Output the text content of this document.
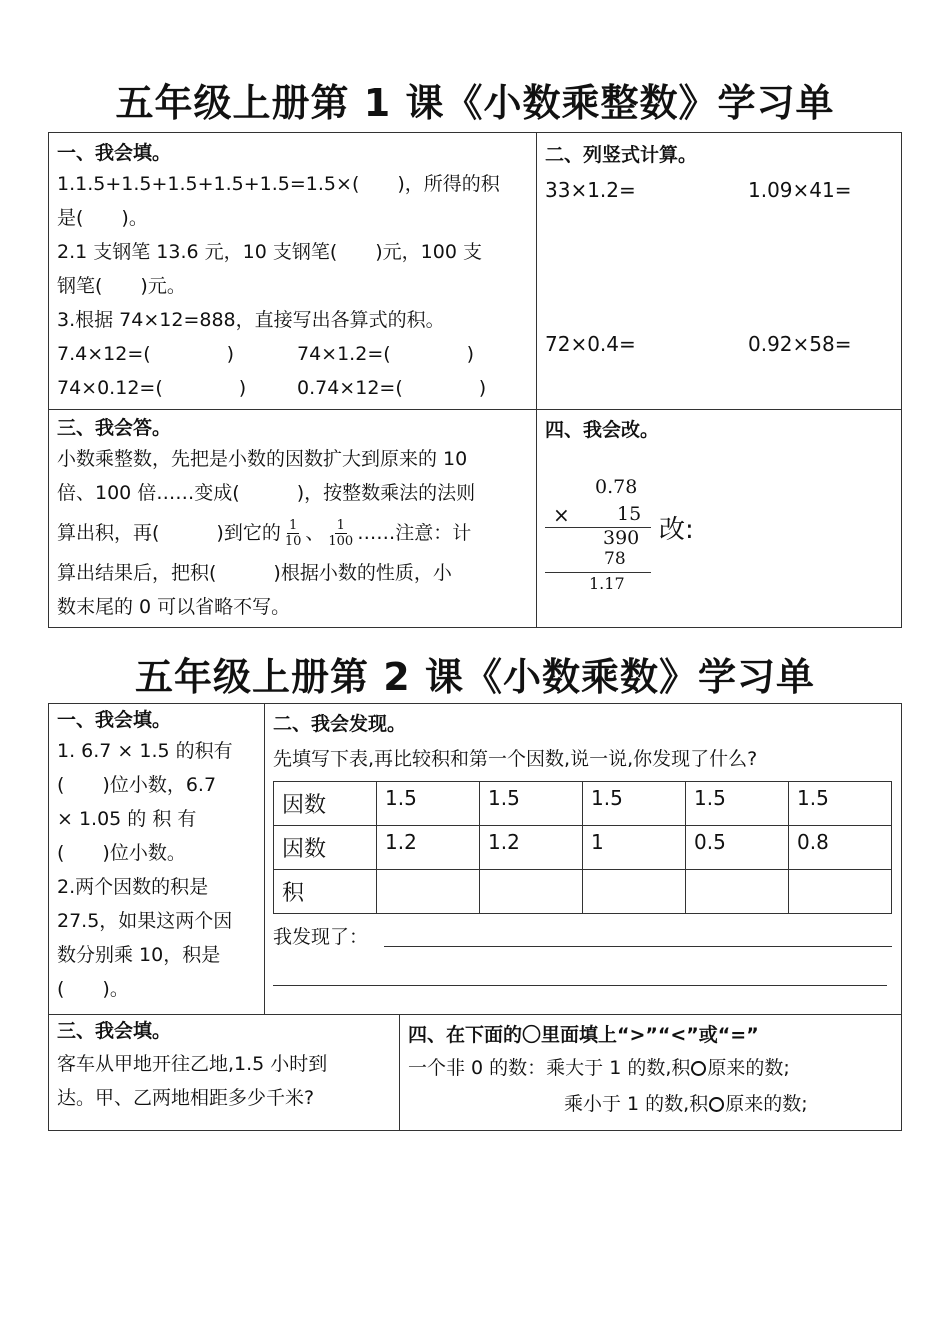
五年级上册第 1 课《小数乘整数》学习单
一、我会填。
1.1.5+1.5+1.5+1.5+1.5=1.5×(　　)，所得的积
是(　　)。
2.1 支钢笔 13.6 元，10 支钢笔(　　)元，100 支
钢笔(　　)元。
3.根据 74×12=888，直接写出各算式的积。
7.4×12=(　　　　)	74×1.2=(　　　　)
74×0.12=(　　　　)	0.74×12=(　　　　)
二、列竖式计算。
33×1.2=	1.09×41=
72×0.4=	0.92×58=
三、我会答。
小数乘整数，先把是小数的因数扩大到原来的 10
倍、100 倍……变成(　　　)，按整数乘法的法则
算出积，再(　　　)到它的 $\frac{1}{10}$ 、 $\frac{1}{100}$ ……注意：计
算出结果后，把积(　　　)根据小数的性质，小
数末尾的 0 可以省略不写。
四、我会改。
0.78
× 15
390
78
1.17
改:
五年级上册第 2 课《小数乘数》学习单
一、我会填。
1. 6.7 × 1.5 的积有
(　　)位小数，6.7
× 1.05 的 积 有
(　　)位小数。
2.两个因数的积是
27.5，如果这两个因
数分别乘 10，积是
(　　)。
二、我会发现。
先填写下表,再比较积和第一个因数,说一说,你发现了什么?
因数	1.5	1.5	1.5	1.5	1.5
因数	1.2	1.2	1	0.5	0.8
积					
我发现了：
三、我会填。
客车从甲地开往乙地,1.5 小时到
达。甲、乙两地相距多少千米?
四、在下面的〇里面填上“>”“<”或“=”
一个非 0 的数：乘大于 1 的数,积 原来的数;
乘小于 1 的数,积 原来的数;
